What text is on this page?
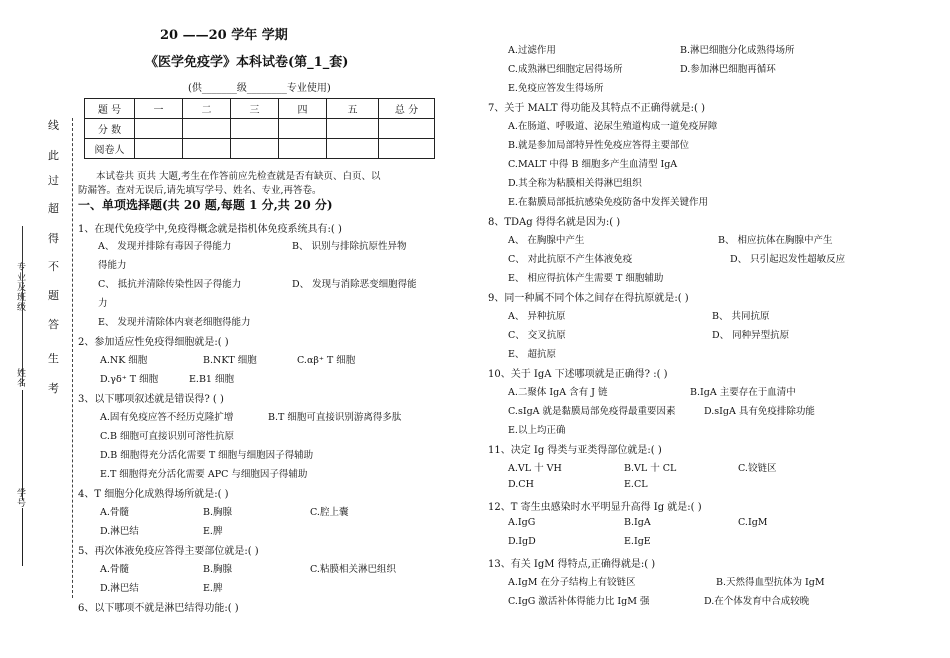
20 ——20 学年 学期
《医学免疫学》本科试卷(第_1_套)
(供_______级________专业使用)
线
此
过
超
得
不
题
答
生
考
专业及班级
姓名
学号
题 号	一	二	三	四	五	总 分
分 数						
阅卷人						
本试卷共 页共 大题,考生在作答前应先检查就是否有缺页、白页、以
防漏答。查对无误后,请先填写学号、姓名、专业,再答卷。
一、单项选择题(共 20 题,每题 1 分,共 20 分)
1、在现代免疫学中,免疫得概念就是指机体免疫系统具有:( )
A、 发现并排除有毒因子得能力	B、 识别与排除抗原性异物
得能力
C、 抵抗并清除传染性因子得能力	D、 发现与消除恶变细胞得能
力
E、 发现并清除体内衰老细胞得能力
2、参加适应性免疫得细胞就是:( )
A.NK 细胞	B.NKT 细胞	C.αβ⁺ T 细胞
D.γδ⁺ T 细胞	E.B1 细胞
3、以下哪项叙述就是错误得? ( )
A.固有免疫应答不经历克隆扩增	B.T 细胞可直接识别游离得多肽
C.B 细胞可直接识别可溶性抗原
D.B 细胞得充分活化需要 T 细胞与细胞因子得辅助
E.T 细胞得充分活化需要 APC 与细胞因子得辅助
4、T 细胞分化成熟得场所就是:( )
A.骨髓	B.胸腺	C.腔上囊
D.淋巴结	E.脾
5、再次体液免疫应答得主要部位就是:( )
A.骨髓	B.胸腺	C.粘膜相关淋巴组织
D.淋巴结	E.脾
6、以下哪项不就是淋巴结得功能:( )
A.过滤作用	B.淋巴细胞分化成熟得场所
C.成熟淋巴细胞定居得场所	D.参加淋巴细胞再循环
E.免疫应答发生得场所
7、关于 MALT 得功能及其特点不正确得就是:( )
A.在肠道、呼吸道、泌尿生殖道构成一道免疫屏障
B.就是参加局部特异性免疫应答得主要部位
C.MALT 中得 B 细胞多产生血清型 IgA
D.其全称为粘膜相关得淋巴组织
E.在黏膜局部抵抗感染免疫防备中发挥关键作用
8、TDAg 得得名就是因为:( )
A、 在胸腺中产生	B、 相应抗体在胸腺中产生
C、 对此抗原不产生体液免疫	D、 只引起迟发性超敏反应
E、 相应得抗体产生需要 T 细胞辅助
9、同一种属不同个体之间存在得抗原就是:( )
A、 异种抗原	B、 共同抗原
C、 交叉抗原	D、 同种异型抗原
E、 超抗原
10、关于 IgA 下述哪项就是正确得? :( )
A.二聚体 IgA 含有 J 链	B.IgA 主要存在于血清中
C.sIgA 就是黏膜局部免疫得最重要因素	D.sIgA 具有免疫排除功能
E.以上均正确
11、决定 Ig 得类与亚类得部位就是:( )
A.VL 十 VH	B.VL 十 CL	C.铰链区
D.CH	E.CL
12、T 寄生虫感染时水平明显升高得 Ig 就是:( )
A.IgG	B.IgA	C.IgM
D.IgD	E.IgE
13、有关 IgM 得特点,正确得就是:( )
A.IgM 在分子结构上有铰链区	B.天然得血型抗体为 IgM
C.IgG 激活补体得能力比 IgM 强	D.在个体发育中合成较晚
